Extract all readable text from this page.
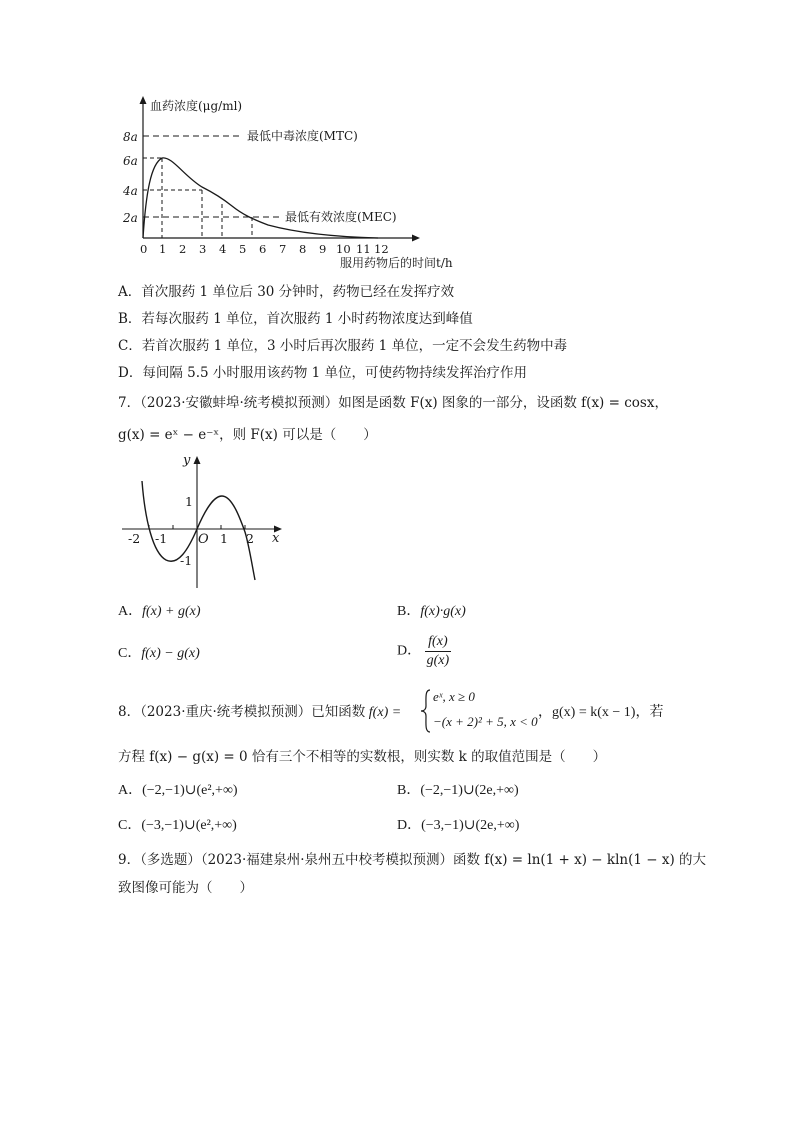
血药浓度(μg/ml)
2a
4a
6a
8a	最低中毒浓度(MTC)
最低有效浓度(MEC)
0 1 2 3 4 5 6 7 8 9 10 11 12
服用药物后的时间t/h
A．首次服药 1 单位后 30 分钟时，药物已经在发挥疗效
B．若每次服药 1 单位，首次服药 1 小时药物浓度达到峰值
C．若首次服药 1 单位，3 小时后再次服药 1 单位，一定不会发生药物中毒
D．每间隔 5.5 小时服用该药物 1 单位，可使药物持续发挥治疗作用
7．（2023·安徽蚌埠·统考模拟预测）如图是函数 F(x) 图象的一部分，设函数 f(x) = cosx，
g(x) = eˣ − e⁻ˣ，则 F(x) 可以是（　　）
y
x
O
-2 -1	1 2
1
-1
A．f(x) + g(x)	B．f(x)·g(x)
C．f(x) − g(x)	D． $\frac{f(x)}{g(x)}$
8．（2023·重庆·统考模拟预测）已知函数 f(x) =
eˣ, x ≥ 0
−(x + 2)² + 5, x < 0
，g(x) = k(x − 1)，若
方程 f(x) − g(x) = 0 恰有三个不相等的实数根，则实数 k 的取值范围是（　　）
A．(−2,−1)∪(e²,+∞)	B．(−2,−1)∪(2e,+∞)
C．(−3,−1)∪(e²,+∞)	D．(−3,−1)∪(2e,+∞)
9．（多选题）（2023·福建泉州·泉州五中校考模拟预测）函数 f(x) = ln(1 + x) − kln(1 − x) 的大
致图像可能为（　　）
